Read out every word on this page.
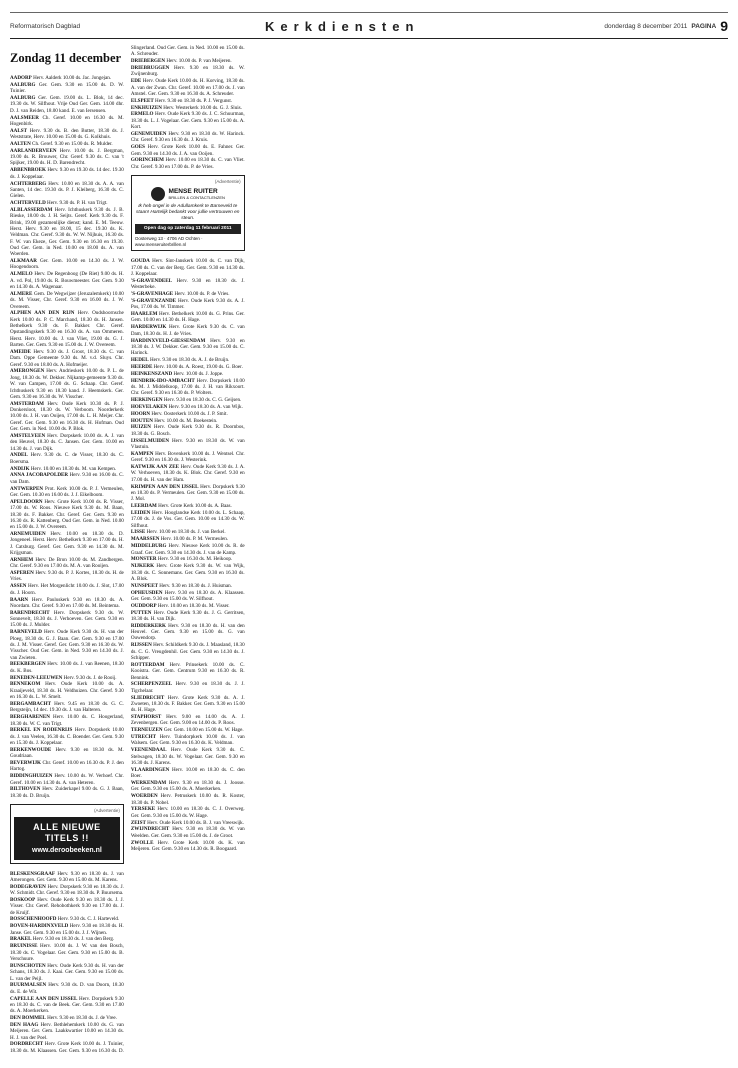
Reformatorisch Dagblad	Kerkdiensten	donderdag 8 december 2011 PAGINA 9
Zondag 11 december

AADORP Herv. Aalderk 10.00 ds. Jac. Jongejan.

AALBURG Ger. Gem. 9.30 en 15.00 ds. D. W. Tuinier.

AALBURG Ger. Gem. 19.00 ds. L. Blok, 14 dec. 19.30 ds. W. Silfhout. Vrije Oud Ger. Gem. 14.00 dhr. D. J. van Reiden, 18.00 kand. E. van Iersensen.

AALSMEER Ch. Geref. 10.00 en 16.30 ds. M. Hogenbirk.

AALST Herv. 9.30 ds. B. den Butter, 18.30 ds. J. Weststrate, Herv. 10.00 en 15.00 ds. G. Kolkhuis.

AALTEN Ch. Geref. 9.30 en 15.00 ds. R. Mulder.

AARLANDERVEEN Herv. 10.00 ds. J. Bergman, 19.00 ds. R. Brouwer, Chr. Geref. 9.30 ds. C. van 't Spijker, 19.00 ds. H. D. Barendrecht.

ABBENBROEK Herv. 9.30 en 19.30 ds. 14 dec. 19.30 ds. J. Koppelaar.

ACHTERBERG Herv. 10.00 en 18.30 ds. A. A. van Santen, 14 dec. 19.30 ds. P. J. Kleiberg, 16.30 ds. C. Gielen.

ACHTERVELD Herv. 9.30 ds. P. H. van Trigt.

ALBLASSERDAM Herv. Ichthuskerk 9.30 ds. J. B. Rieske, 18.00 ds. J. H. Seijts. Geref. Kerk 9.30 ds. F. Brink, 19.00 gezamenlijke dienst; kand. E. M. Teeuw. Herst. Herv. 9.30 en 18.00, 15 dec. 19.30 ds. K. Veldman. Chr. Geref. 9.30 ds. W. W. Nijhuis, 16.30 ds. F. W. van Ekeze, Ger. Gem. 9.30 en 16.30 en 19.30. Oud Ger. Gem. in Ned. 10.00 en 18.00 ds. A. van Woerden.

ALKMAAR Ger. Gem. 10.00 en 14.30 ds. J. W. Hoogendoorn.

ALMELO Herv. De Regenboog (De Riet) 9.00 ds. H. A. vd. Pol, 19.00 ds. R. Bouwmeester. Ger. Gem. 9.30 en 14.30 ds. A. Wagenaar.

ALMERE Gem. De Wegwijzer (Jeruzalemkerk) 10.00 ds. M. Visser, Chr. Geref. 9.30 en 16.00 ds. J. W. Overeem.

ALPHEN AAN DEN RIJN Herv. Oudshoornsche Kerk 10.00 ds. P. C. Marchand, 18.30 ds. H. Jansen. Bethelkerk 9.30 ds. F. Bakker. Chr. Geref. Opstandingskerk 9.30 en 16.30 ds. A. van Ommeren. Herst. Herv. 10.00 ds. J. van Vliet, 19.00 ds. G. J. Barten. Ger. Gem. 9.30 en 15.00 ds. J. W. Overeem.

AMEIDE Herv. 9.30 ds. J. Groot, 18.30 ds. C. van Dam. Oppe Gemeente 9.30 ds. M. v.d. Sluys. Chr. Geref. 9.30 en 18.00 ds. A. Hofmeijer.

AMERONGEN Herv. Andrieskerk 10.00 ds. P. L. de Jong, 18.30 ds. W. Dekker. Nijkamp-gemeente 9.30 ds. W. van Campen, 17.00 ds. G. Schaap. Chr. Geref. Ichthuskerk 9.30 en 18.30 kand. J. Heemskerk. Ger. Gem. 9.30 en 16.30 ds. W. Visscher.

AMSTERDAM Herv. Oude Kerk 10.30 ds. P. J. Donkersloot, 18.30 ds. W. Verboom. Noorderkerk 10.00 ds. J. H. van Ooijen, 17.00 ds. L. H. Meijer. Chr. Geref. Ger. Gem. 9.30 en 16.30 ds. H. Hofman. Oud Ger. Gem. in Ned. 10.00 ds. P. Blok.

AMSTELVEEN Herv. Dorpskerk 10.00 ds. A. J. van den Heuvel, 18.30 ds. C. Jansen. Ger. Gem. 10.00 en 14.30 ds. J. van Dijk.

ANDEL Herv. 9.30 ds. C. de Visser, 18.30 ds. C. Boersma.

ANDIJK Herv. 10.00 en 18.30 ds. M. van Kempen.

ANNA JACOBAPOLDER Herv. 9.30 en 16.00 ds. C. van Dam.

ANTWERPEN Prot. Kerk 10.00 ds. P. J. Vermeulen, Ger. Gem. 10.30 en 16.00 ds. J. J. Eikelboom.

APELDOORN Herv. Grote Kerk 10.00 ds. R. Visser, 17.00 ds. W. Roos. Nieuwe Kerk 9.30 ds. M. Baan, 18.30 ds. F. Bakker. Chr. Geref. Ger. Gem. 9.30 en 16.30 ds. R. Kattenberg. Oud Ger. Gem. in Ned. 10.00 en 15.00 ds. J. W. Overeem.

ARNEMUIDEN Herv. 10.00 en 18.30 ds. D. Jongeneel. Herst. Herv. Bethelkerk 9.30 en 17.00 ds. H. J. Catsburg. Geref. Ger. Gem. 9.30 en 14.30 ds. M. Krijgsman.

ARNHEM Herv. De Bron 10.00 ds. M. Zandbergen. Chr. Geref. 9.30 en 17.00 ds. M. A. van Rooijen.

ASPEREN Herv. 9.30 ds. P. J. Kortes, 18.30 ds. H. de Vries.

ASSEN Herv. Het Morgenlicht 10.00 ds. J. Slot, 17.00 ds. J. Hoorn.

BAARN Herv. Pauluskerk 9.30 en 18.30 ds. A. Noordam. Chr. Geref. 9.30 en 17.00 ds. M. Beintema.

BARENDRECHT Herv. Dorpskerk 9.30 ds. W. Sonnevelt, 18.30 ds. J. Verhoeven. Ger. Gem. 9.30 en 15.00 ds. J. Mulder.

BARNEVELD Herv. Oude Kerk 9.30 ds. H. van der Ploeg, 18.30 ds. G. J. Baan. Ger. Gem. 9.30 en 17.00 ds. J. M. Visser. Geref. Ger. Gem. 9.30 en 16.30 ds. W. Visscher. Oud Ger. Gem. in Ned. 9.30 en 14.30 ds. J. van Zwieten.

BEEKBERGEN Herv. 10.00 ds. J. van Reenen, 18.30 ds. K. Bos.

BENEDEN-LEEUWEN Herv. 9.30 ds. J. de Rooij.

BENNEKOM Herv. Oude Kerk 10.00 ds. A. Kraaijeveld, 18.30 ds. H. Veldhuizen. Chr. Geref. 9.30 en 16.30 ds. L. W. Smelt.

BERGAMBACHT Herv. 9.45 en 18.30 ds. G. C. Bergsteijn, 14 dec. 19.30 ds. J. van Halteren.

BERGHARENEN Herv. 10.00 ds. C. Hoogerland, 18.30 ds. W. C. van Trigt.

BERKEL EN RODENRIJS Herv. Dorpskerk 10.00 ds. J. van Veelen, 16.30 ds. C. Boender. Ger. Gem. 9.30 en 15.30 ds. J. Koppelaar.

BERKENWOUDE Herv. 9.30 en 18.30 ds. M. Goudriaan.

BEVERWIJK Chr. Geref. 10.00 en 16.30 ds. P. J. den Hartog.

BIDDINGHUIZEN Herv. 10.00 ds. W. Verhoef. Chr. Geref. 10.00 en 14.30 ds. A. van Heteren.

BILTHOVEN Herv. Zuiderkapel 9.00 ds. G. J. Baan, 18.30 ds. D. Bruijn.

(Advertentie)
ALLE NIEUWE TITELS !!
www.deroobeeken.nl

BLESKENSGRAAF Herv. 9.30 en 18.30 ds. J. van Amerongen. Ger. Gem. 9.30 en 15.00 ds. M. Karens.

BODEGRAVEN Herv. Dorpskerk 9.30 en 18.30 ds. J. W. Schmidt. Chr. Geref. 9.30 en 18.30 ds. P. Buursema.

BOSKOOP Herv. Oude Kerk 9.30 en 18.30 ds. J. J. Visser. Chr. Geref. Rehobothkerk 9.30 en 17.00 ds. J. de Kruijf.

BOSSCHENHOOFD Herv. 9.30 ds. C. J. Harteveld.

BOVEN-HARDINXVELD Herv. 9.30 en 18.30 ds. H. Janse. Ger. Gem. 9.30 en 15.00 ds. J. J. Wijnen.

BRAKEL Herv. 9.30 en 18.30 ds. J. van den Berg.

BRUINISSE Herv. 10.00 ds. J. W. van den Bosch, 18.30 ds. C. Vogelaar. Ger. Gem. 9.30 en 15.00 ds. B. Verschuure.

BUNSCHOTEN Herv. Oude Kerk 9.30 ds. H. van der Schans, 18.30 ds. J. Kaai. Ger. Gem. 9.30 en 15.00 ds. L. van der Peijl.

BUURMALSEN Herv. 9.30 ds. D. van Doorn, 18.30 ds. E. de Wit.

CAPELLE AAN DEN IJSSEL Herv. Dorpskerk 9.30 en 18.30 ds. C. van de Beek. Ger. Gem. 9.30 en 17.00 ds. A. Moerkerken.

DEN BOMMEL Herv. 9.30 en 18.30 ds. J. de Vree.

DEN HAAG Herv. Bethlehemkerk 10.00 ds. G. van Meijeren. Ger. Gem. Laakkwartier 10.00 en 14.30 ds. H. J. van der Poel.

DORDRECHT Herv. Grote Kerk 10.00 ds. J. Tuinier, 18.30 ds. M. Klaassen. Ger. Gem. 9.30 en 16.30 ds. D. Slingerland. Oud Ger. Gem. in Ned. 10.00 en 15.00 ds. A. Schreuder.

DRIEBERGEN Herv. 10.00 ds. P. van Meijeren.

DRIEBRUGGEN Herv. 9.30 en 18.30 ds. W. Zwijnenburg.

EDE Herv. Oude Kerk 10.00 ds. H. Korving, 18.30 ds. A. van der Zwan. Chr. Geref. 10.00 en 17.00 ds. J. van Amstel. Ger. Gem. 9.30 en 16.30 ds. A. Schreuder.

ELSPEET Herv. 9.30 en 18.30 ds. P. J. Vergunst.

ENKHUIZEN Herv. Westerkerk 10.00 ds. G. J. Sluis.

ERMELO Herv. Oude Kerk 9.30 ds. J. C. Schuurman, 18.30 ds. L. J. Vogelaar. Ger. Gem. 9.30 en 15.00 ds. A. Kort.

GENEMUIDEN Herv. 9.30 en 18.30 ds. W. Harinck. Chr. Geref. 9.30 en 16.30 ds. J. Kruis.

GOES Herv. Grote Kerk 10.00 ds. E. Fahner. Ger. Gem. 9.30 en 14.30 ds. J. A. van Ooijen.

GORINCHEM Herv. 10.00 en 18.30 ds. C. van Vliet. Chr. Geref. 9.30 en 17.00 ds. P. de Vries.

(Advertentie)
MENSE RUITER
BRILLEN & CONTACTLENZEN
Ik heb ongel in de Adullamkerk te Barneveld te staan! Hartelijk bedankt voor jullie vertrouwen en steun.
Open dag op zaterdag 11 februari 2011
Oosterweg 13 · 4706 AD Ochten · www.menseruiterbrillen.nl

GOUDA Herv. Sint-Janskerk 10.00 ds. C. van Dijk, 17.00 ds. C. van der Berg. Ger. Gem. 9.30 en 14.30 ds. J. Koppelaar.

'S-GRAVENDEEL Herv. 9.30 en 18.30 ds. J. Westerbeke.

'S-GRAVENHAGE Herv. 10.00 ds. P. de Vries.

'S-GRAVENZANDE Herv. Oude Kerk 9.30 ds. A. J. Pos, 17.00 ds. W. Timmer.

HAARLEM Herv. Bethelkerk 10.00 ds. G. Prins. Ger. Gem. 10.00 en 14.30 ds. H. Hage.

HARDERWIJK Herv. Grote Kerk 9.30 ds. C. van Dam, 18.30 ds. H. J. de Vries.

HARDINXVELD-GIESSENDAM Herv. 9.30 en 18.30 ds. J. W. Dekker. Ger. Gem. 9.30 en 15.00 ds. C. Harinck.

HEDEL Herv. 9.30 en 18.30 ds. A. J. de Bruijn.

HEERDE Herv. 10.00 ds. A. Roest, 19.00 ds. G. Boer.

HEINKENSZAND Herv. 10.00 ds. J. Joppe.

HENDRIK-IDO-AMBACHT Herv. Dorpskerk 10.00 ds. M. J. Middelkoop, 17.00 ds. J. H. van Rikxoort. Chr. Geref. 9.30 en 16.30 ds. P. Wolters.

HERKINGEN Herv. 9.30 en 18.30 ds. C. G. Geijsen.

HOEVELAKEN Herv. 9.30 en 18.30 ds. A. van Wijk.

HOORN Herv. Oosterkerk 10.00 ds. J. P. Smit.

HOUTEN Herv. 10.00 ds. M. Boekestein.

HUIZEN Herv. Oude Kerk 9.30 ds. R. Doornbos, 18.30 ds. G. Bosch.

IJSSELMUIDEN Herv. 9.30 en 18.30 ds. W. van Vlastuin.

KAMPEN Herv. Bovenkerk 10.00 ds. J. Wentsel. Chr. Geref. 9.30 en 16.30 ds. J. Westerink.

KATWIJK AAN ZEE Herv. Oude Kerk 9.30 ds. J. A. W. Verhoeven, 18.30 ds. K. Blok. Chr. Geref. 9.30 en 17.00 ds. H. van der Ham.

KRIMPEN AAN DEN IJSSEL Herv. Dorpskerk 9.30 en 18.30 ds. P. Vermeulen. Ger. Gem. 9.30 en 15.00 ds. J. Mol.

LEERDAM Herv. Grote Kerk 10.00 ds. A. Baas.

LEIDEN Herv. Hooglandse Kerk 10.00 ds. L. Schaap, 17.00 ds. J. de Vos. Ger. Gem. 10.00 en 14.30 ds. W. Silfhout.

LISSE Herv. 10.00 en 18.30 ds. J. van Berkel.

MAARSSEN Herv. 10.00 ds. P. M. Vermeulen.

MIDDELBURG Herv. Nieuwe Kerk 10.00 ds. R. de Graaf. Ger. Gem. 9.30 en 14.30 ds. J. van de Kamp.

MONSTER Herv. 9.30 en 16.30 ds. M. Heikoop.

NIJKERK Herv. Grote Kerk 9.30 ds. W. van Wijk, 18.30 ds. C. Sonnemans. Ger. Gem. 9.30 en 16.30 ds. A. Blok.

NUNSPEET Herv. 9.30 en 18.30 ds. J. Huisman.

OPHEUSDEN Herv. 9.30 en 18.30 ds. A. Klaassen. Ger. Gem. 9.30 en 15.00 ds. W. Silfhout.

OUDDORP Herv. 10.00 en 18.30 ds. M. Visser.

PUTTEN Herv. Oude Kerk 9.30 ds. J. G. Gerritsen, 18.30 ds. H. van Dijk.

RIDDERKERK Herv. 9.30 en 18.30 ds. H. van den Heuvel. Ger. Gem. 9.30 en 15.00 ds. G. van Ouwendorp.

RIJSSEN Herv. Schildkerk 9.30 ds. J. Maasland, 18.30 ds. C. G. Vreugdenhil. Ger. Gem. 9.30 en 14.30 ds. J. Schipper.

ROTTERDAM Herv. Prinsekerk 10.00 ds. C. Kooistra. Ger. Gem. Centrum 9.30 en 16.30 ds. R. Bennink.

SCHERPENZEEL Herv. 9.30 en 18.30 ds. J. J. Tigchelaar.

SLIEDRECHT Herv. Grote Kerk 9.30 ds. A. J. Zwoeten, 18.30 ds. F. Bakker. Ger. Gem. 9.30 en 15.00 ds. H. Hage.

STAPHORST Herv. 9.00 en 14.00 ds. A. J. Zevenbergen. Ger. Gem. 9.00 en 14.00 ds. P. Roos.

TERNEUZEN Ger. Gem. 10.00 en 15.00 ds. W. Hage.

UTRECHT Herv. Tuindorpkerk 10.00 ds. J. van Walsem. Ger. Gem. 9.30 en 16.30 ds. K. Veldman.

VEENENDAAL Herv. Oude Kerk 9.30 ds. C. Stelwagen, 18.30 ds. W. Vogelaar. Ger. Gem. 9.30 en 16.30 ds. J. Karens.

VLAARDINGEN Herv. 10.00 en 18.30 ds. C. den Boer.

WERKENDAM Herv. 9.30 en 18.30 ds. J. Joosse. Ger. Gem. 9.30 en 15.00 ds. A. Moerkerken.

WOERDEN Herv. Petruskerk 10.00 ds. R. Koster, 18.30 ds. P. Nobel.

YERSEKE Herv. 10.00 en 18.30 ds. C. J. Overweg. Ger. Gem. 9.30 en 15.00 ds. W. Hage.

ZEIST Herv. Oude Kerk 10.00 ds. B. J. van Vreeswijk.

ZWIJNDRECHT Herv. 9.30 en 18.30 ds. W. van Weelden. Ger. Gem. 9.30 en 15.00 ds. J. de Groot.

ZWOLLE Herv. Grote Kerk 10.00 ds. K. van Meijeren. Ger. Gem. 9.30 en 14.30 ds. R. Boogaard.
